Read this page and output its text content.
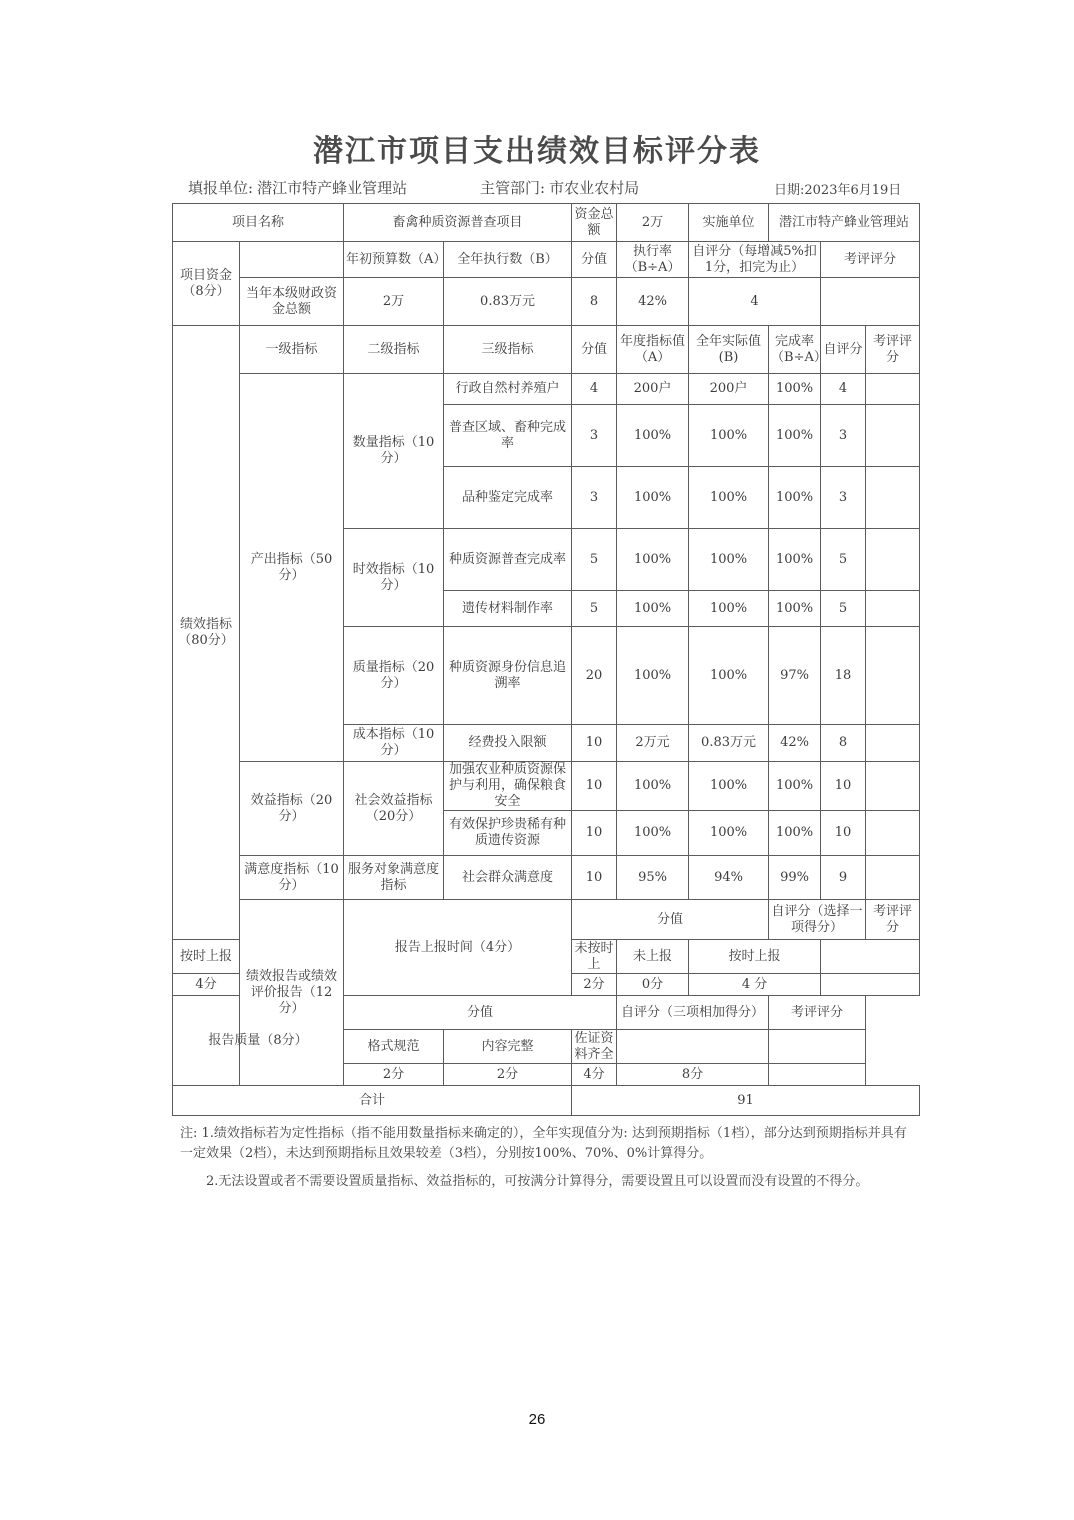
潜江市项目支出绩效目标评分表
填报单位: 潜江市特产蜂业管理站	主管部门: 市农业农村局	日期:2023年6月19日
项目名称		畜禽种质资源普查项目		资金总额	2万	实施单位	潜江市特产蜂业管理站			
项目资金（8分）		年初预算数（A）	全年执行数（B）	分值	执行率（B÷A）	自评分（每增减5%扣1分，扣完为止）		考评评分		
	当年本级财政资金总额	2万	0.83万元	8	42%	4				
绩效指标（80分）	一级指标	二级指标	三级指标	分值	年度指标值（A）	全年实际值(B)	完成率（B÷A）	自评分	考评评分	
	产出指标（50分）	数量指标（10分）	行政自然村养殖户	4	200户	200户	100%	4		
			普查区域、畜种完成率	3	100%	100%	100%	3		
			品种鉴定完成率	3	100%	100%	100%	3		
		时效指标（10分）	种质资源普查完成率	5	100%	100%	100%	5		
			遗传材料制作率	5	100%	100%	100%	5		
		质量指标（20分）	种质资源身份信息追溯率	20	100%	100%	97%	18		
		成本指标（10分）	经费投入限额	10	2万元	0.83万元	42%	8		
	效益指标（20分）	社会效益指标（20分）	加强农业种质资源保护与利用，确保粮食安全	10	100%	100%	100%	10		
			有效保护珍贵稀有种质遗传资源	10	100%	100%	100%	10		
	满意度指标（10分）	服务对象满意度指标	社会群众满意度	10	95%	94%	99%	9		
	绩效报告或绩效评价报告（12分）	报告上报时间（4分）		分值			自评分（选择一项得分）		考评评分	
按时上报				未按时上	未上报	按时上报				
4分				2分	0分	4 分				
报告质量（8分）		分值			自评分（三项相加得分）		考评评分			
		格式规范	内容完整	佐证资料齐全						
		2分	2分	4分	8分					
合计				91						
注: 1.绩效指标若为定性指标（指不能用数量指标来确定的），全年实现值分为: 达到预期指标（1档），部分达到预期指标并具有一定效果（2档），未达到预期指标且效果较差（3档），分别按100%、70%、0%计算得分。
2.无法设置或者不需要设置质量指标、效益指标的，可按满分计算得分，需要设置且可以设置而没有设置的不得分。
26
